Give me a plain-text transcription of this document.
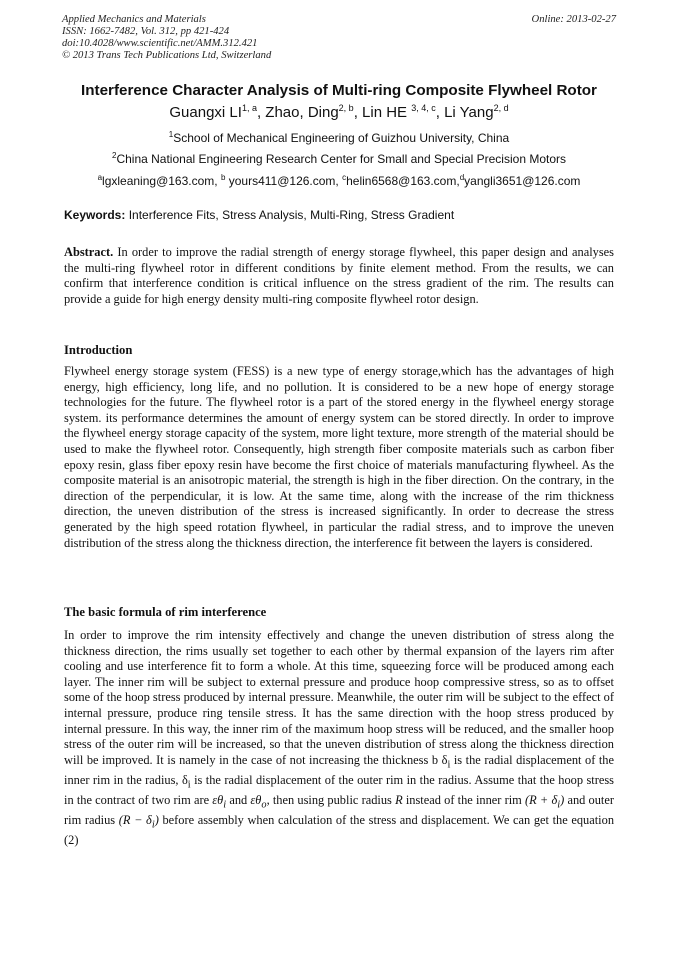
Applied Mechanics and Materials
ISSN: 1662-7482, Vol. 312, pp 421-424
doi:10.4028/www.scientific.net/AMM.312.421
© 2013 Trans Tech Publications Ltd, Switzerland
Online: 2013-02-27
Interference Character Analysis of Multi-ring Composite Flywheel Rotor
Guangxi LI$^{1, a}$, Zhao, Ding$^{2, b}$, Lin HE $^{3, 4, c}$, Li Yang$^{2, d}$
$^1$School of Mechanical Engineering of Guizhou University, China
$^2$China National Engineering Research Center for Small and Special Precision Motors
$^a$lgxleaning@163.com, $^b$ yours411@126.com, $^c$helin6568@163.com,$^d$yangli3651@126.com
Keywords: Interference Fits, Stress Analysis, Multi-Ring, Stress Gradient
Abstract. In order to improve the radial strength of energy storage flywheel, this paper design and analyses the multi-ring flywheel rotor in different conditions by finite element method. From the results, we can confirm that interference condition is critical influence on the stress gradient of the rim. The results can provide a guide for high energy density multi-ring composite flywheel rotor design.
Introduction
Flywheel energy storage system (FESS) is a new type of energy storage,which has the advantages of high energy, high efficiency, long life, and no pollution. It is considered to be a new hope of energy storage technologies for the future. The flywheel rotor is a part of the stored energy in the flywheel energy storage system. its performance determines the amount of energy system can be stored directly. In order to improve the flywheel energy storage capacity of the system, more light texture, more strength of the material should be used to make the flywheel rotor. Consequently, high strength fiber composite materials such as carbon fiber epoxy resin, glass fiber epoxy resin have become the first choice of materials manufacturing flywheel. As the composite material is an anisotropic material, the strength is high in the fiber direction. On the contrary, in the direction of the perpendicular, it is low. At the same time, along with the increase of the rim thickness direction, the uneven distribution of the stress is increased significantly. In order to decrease the stress generated by the high speed rotation flywheel, in particular the radial stress, and to improve the uneven distribution of the stress along the thickness direction, the interference fit between the layers is considered.
The basic formula of rim interference
In order to improve the rim intensity effectively and change the uneven distribution of stress along the thickness direction, the rims usually set together to each other by thermal expansion of the layers rim after cooling and use interference fit to form a whole. At this time, squeezing force will be produced among each layer. The inner rim will be subject to external pressure and produce hoop compressive stress, so as to offset some of the hoop stress produced by internal pressure. Meanwhile, the outer rim will be subject to the effect of internal pressure, produce ring tensile stress. It has the same direction with the hoop stress produced by internal pressure. In this way, the inner rim of the maximum hoop stress will be reduced, and the smaller hoop stress of the outer rim will be increased, so that the uneven distribution of stress along the thickness direction will be improved. It is namely in the case of not increasing the thickness b $\delta_i$ is the radial displacement of the inner rim in the radius, $\delta_i$ is the radial displacement of the outer rim in the radius. Assume that the hoop stress in the contract of two rim are $\varepsilon\theta_i$ and $\varepsilon\theta_o$, then using public radius R instead of the inner rim $(R + \delta_i)$ and outer rim radius $(R - \delta_i)$ before assembly when calculation of the stress and displacement. We can get the equation (2)
